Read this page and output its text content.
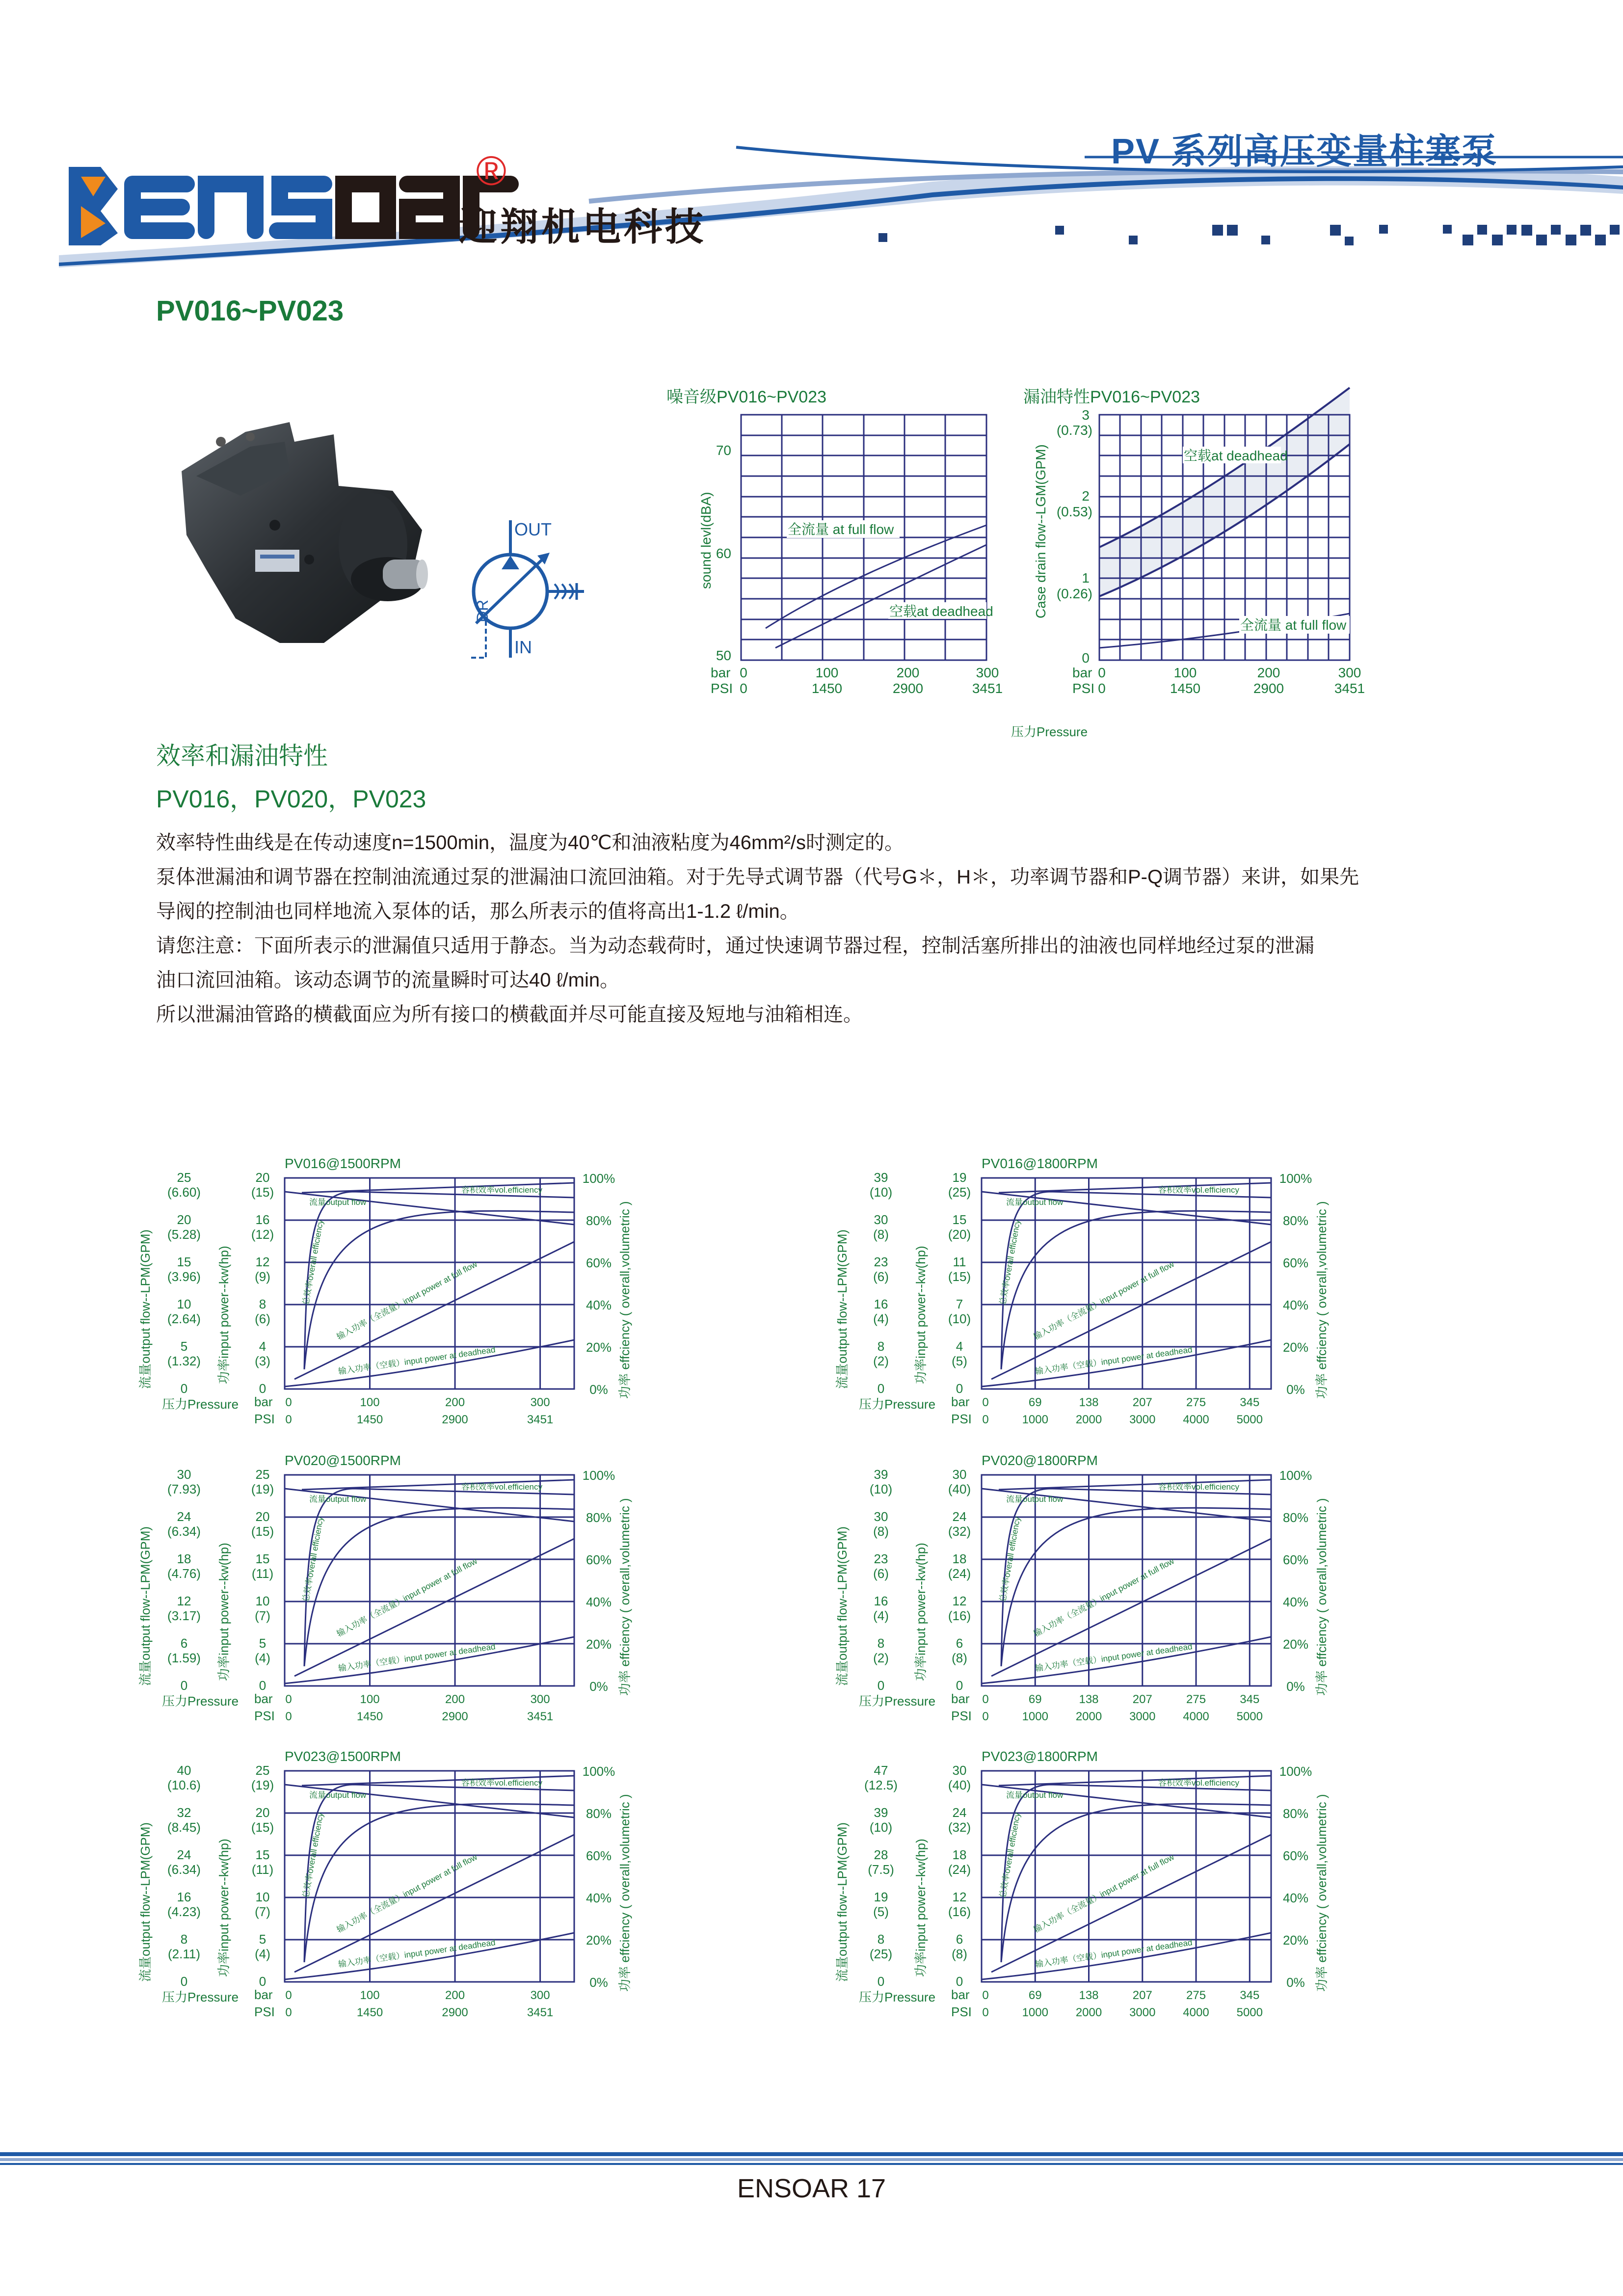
PV 系列高压变量柱塞泵
®
迎翔机电科技
PV016~PV023
OUT
IN
DR
噪音级PV016~PV023
70
60
50
sound levl(dBA)	全流量 at full flow
空载at deadhead
bar
PSI
0	100	200	300
0	1450	2900	3451
漏油特性PV016~PV023
3
(0.73)
2
(0.53)
1
(0.26)
0
Case drain flow--LGM(GPM)	空载at deadhead
全流量 at full flow
bar
PSI
0	100	200	300
0	1450	2900	3451
压力Pressure
效率和漏油特性
PV016，PV020，PV023
效率特性曲线是在传动速度n=1500min，温度为40℃和油液粘度为46mm²/s时测定的。
泵体泄漏油和调节器在控制油流通过泵的泄漏油口流回油箱。对于先导式调节器（代号G＊，H＊，功率调节器和P-Q调节器）来讲，如果先
导阀的控制油也同样地流入泵体的话，那么所表示的值将高出1-1.2 ℓ/min。
请您注意：下面所表示的泄漏值只适用于静态。当为动态载荷时，通过快速调节器过程，控制活塞所排出的油液也同样地经过泵的泄漏
油口流回油箱。该动态调节的流量瞬时可达40 ℓ/min。
所以泄漏油管路的横截面应为所有接口的横截面并尽可能直接及短地与油箱相连。
PV016@1500RPM
流量output flow
容积效率vol.efficiency
总效率overall efficiency 输入功率（全流量）input power at full flow
输入功率（空载）input power at deadhead
25
(6.60)
20
(5.28)
15
(3.96)
10
(2.64)
5
(1.32)
0
20
(15)
16
(12)
12
(9)
8
(6)
4
(3)
0
100%
80%
60%
40%
20%
0%
流量output flow--LPM(GPM)	功率input power--kw(hp)	功率 effciency ( overall,volumetric )
压力Pressure bar
PSI
0	100	200	300
0	1450	2900	3451
PV016@1800RPM
流量output flow
容积效率vol.efficiency
总效率overall efficiency 输入功率（全流量）input power at full flow
输入功率（空载）input power at deadhead
39
(10)
30
(8)
23
(6)
16
(4)
8
(2)
0
19
(25)
15
(20)
11
(15)
7
(10)
4
(5)
0
100%
80%
60%
40%
20%
0%
流量output flow--LPM(GPM)	功率input power--kw(hp)	功率 effciency ( overall,volumetric )
压力Pressure bar
PSI
0	69	138	207	275	345
0	1000 2000 3000 4000 5000
PV020@1500RPM
流量output flow
容积效率vol.efficiency
总效率overall efficiency 输入功率（全流量）input power at full flow
输入功率（空载）input power at deadhead
30
(7.93)
24
(6.34)
18
(4.76)
12
(3.17)
6
(1.59)
0
25
(19)
20
(15)
15
(11)
10
(7)
5
(4)
0
100%
80%
60%
40%
20%
0%
流量output flow--LPM(GPM)	功率input power--kw(hp)	功率 effciency ( overall,volumetric )
压力Pressure bar
PSI
0	100	200	300
0	1450	2900	3451
PV020@1800RPM
流量output flow
容积效率vol.efficiency
总效率overall efficiency 输入功率（全流量）input power at full flow
输入功率（空载）input power at deadhead
39
(10)
30
(8)
23
(6)
16
(4)
8
(2)
0
30
(40)
24
(32)
18
(24)
12
(16)
6
(8)
0
100%
80%
60%
40%
20%
0%
流量output flow--LPM(GPM)	功率input power--kw(hp)	功率 effciency ( overall,volumetric )
压力Pressure bar
PSI
0	69	138	207	275	345
0	1000 2000 3000 4000 5000
PV023@1500RPM
流量output flow
容积效率vol.efficiency
总效率overall efficiency 输入功率（全流量）input power at full flow
输入功率（空载）input power at deadhead
40
(10.6)
32
(8.45)
24
(6.34)
16
(4.23)
8
(2.11)
0
25
(19)
20
(15)
15
(11)
10
(7)
5
(4)
0
100%
80%
60%
40%
20%
0%
流量output flow--LPM(GPM)	功率input power--kw(hp)	功率 effciency ( overall,volumetric )
压力Pressure bar
PSI
0	100	200	300
0	1450	2900	3451
PV023@1800RPM
流量output flow
容积效率vol.efficiency
总效率overall efficiency 输入功率（全流量）input power at full flow
输入功率（空载）input power at deadhead
47
(12.5)
39
(10)
28
(7.5)
19
(5)
8
(25)
0
30
(40)
24
(32)
18
(24)
12
(16)
6
(8)
0
100%
80%
60%
40%
20%
0%
流量output flow--LPM(GPM)	功率input power--kw(hp)	功率 effciency ( overall,volumetric )
压力Pressure bar
PSI
0	69	138	207	275	345
0	1000 2000 3000 4000 5000
ENSOAR 17
